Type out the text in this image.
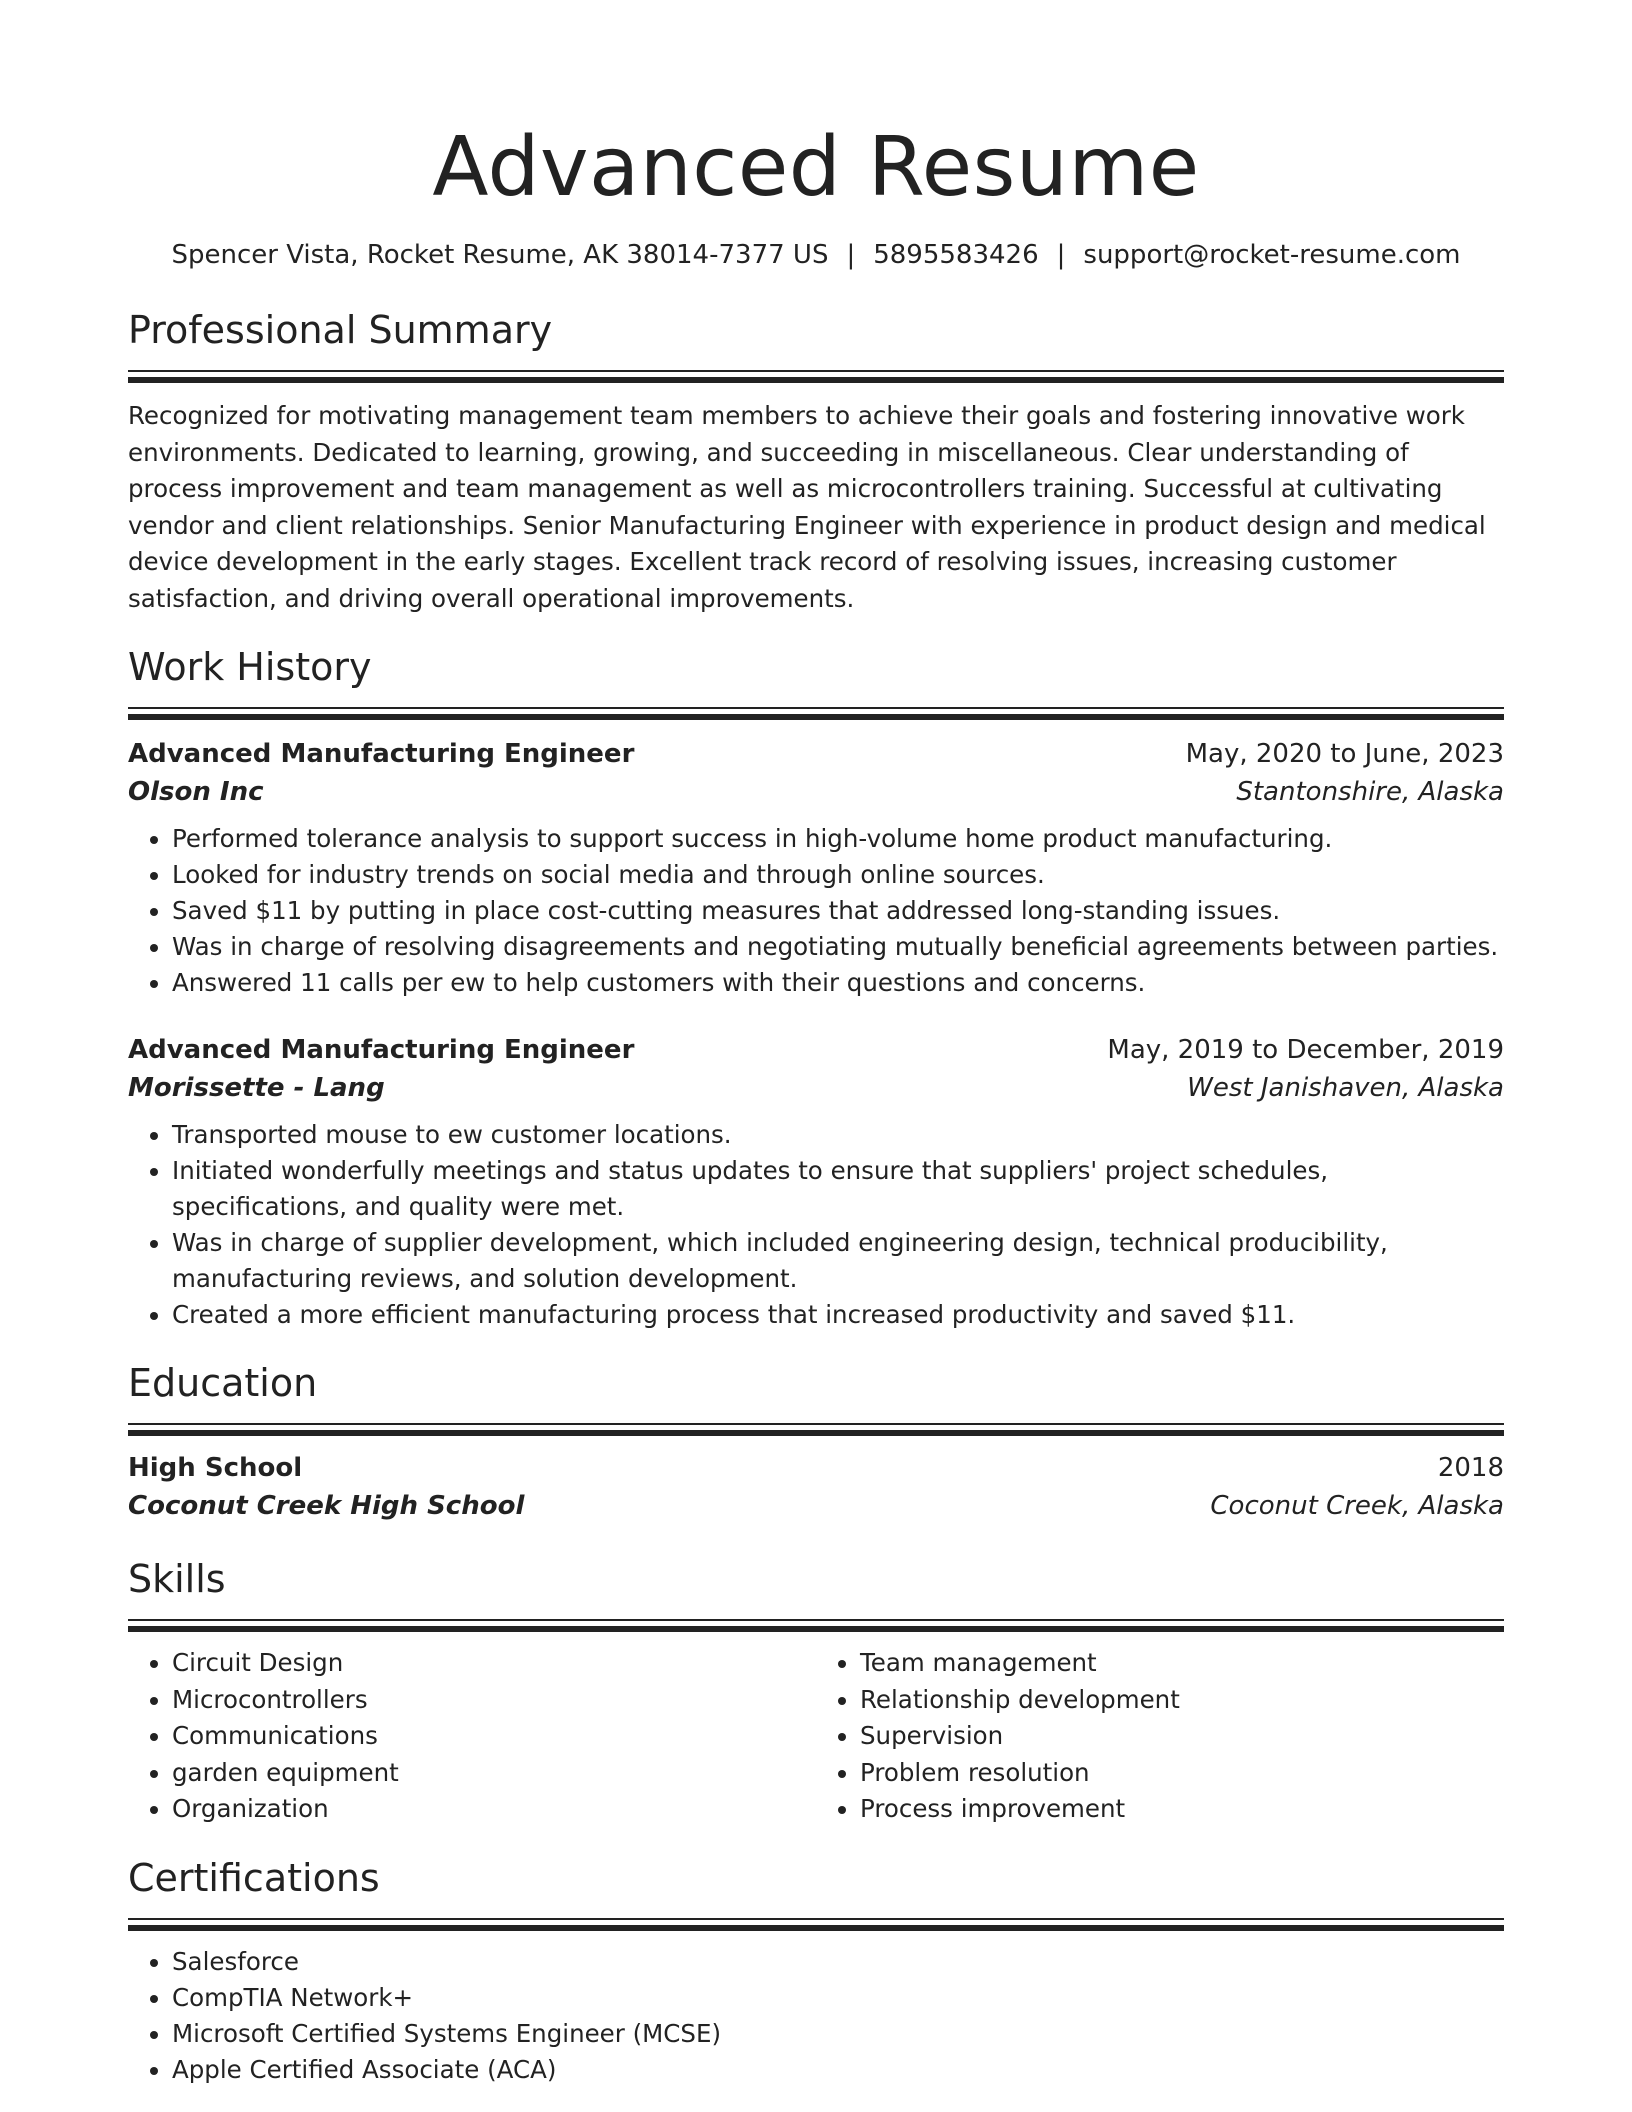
Advanced Resume
Spencer Vista, Rocket Resume, AK 38014-7377 US | 5895583426 | support@rocket-resume.com
Professional Summary
Recognized for motivating management team members to achieve their goals and fostering innovative work environments. Dedicated to learning, growing, and succeeding in miscellaneous. Clear understanding of process improvement and team management as well as microcontrollers training. Successful at cultivating vendor and client relationships. Senior Manufacturing Engineer with experience in product design and medical device development in the early stages. Excellent track record of resolving issues, increasing customer satisfaction, and driving overall operational improvements.
Work History
Advanced Manufacturing Engineer	May, 2020 to June, 2023
Olson Inc	Stantonshire, Alaska
• Performed tolerance analysis to support success in high-volume home product manufacturing.
• Looked for industry trends on social media and through online sources.
• Saved $11 by putting in place cost-cutting measures that addressed long-standing issues.
• Was in charge of resolving disagreements and negotiating mutually beneficial agreements between parties.
• Answered 11 calls per ew to help customers with their questions and concerns.
Advanced Manufacturing Engineer	May, 2019 to December, 2019
Morissette - Lang	West Janishaven, Alaska
• Transported mouse to ew customer locations.
• Initiated wonderfully meetings and status updates to ensure that suppliers' project schedules, specifications, and quality were met.
• Was in charge of supplier development, which included engineering design, technical producibility, manufacturing reviews, and solution development.
• Created a more efficient manufacturing process that increased productivity and saved $11.
Education
High School	2018
Coconut Creek High School	Coconut Creek, Alaska
Skills
• Circuit Design
• Microcontrollers
• Communications
• garden equipment
• Organization
• Team management
• Relationship development
• Supervision
• Problem resolution
• Process improvement
Certifications
• Salesforce
• CompTIA Network+
• Microsoft Certified Systems Engineer (MCSE)
• Apple Certified Associate (ACA)
